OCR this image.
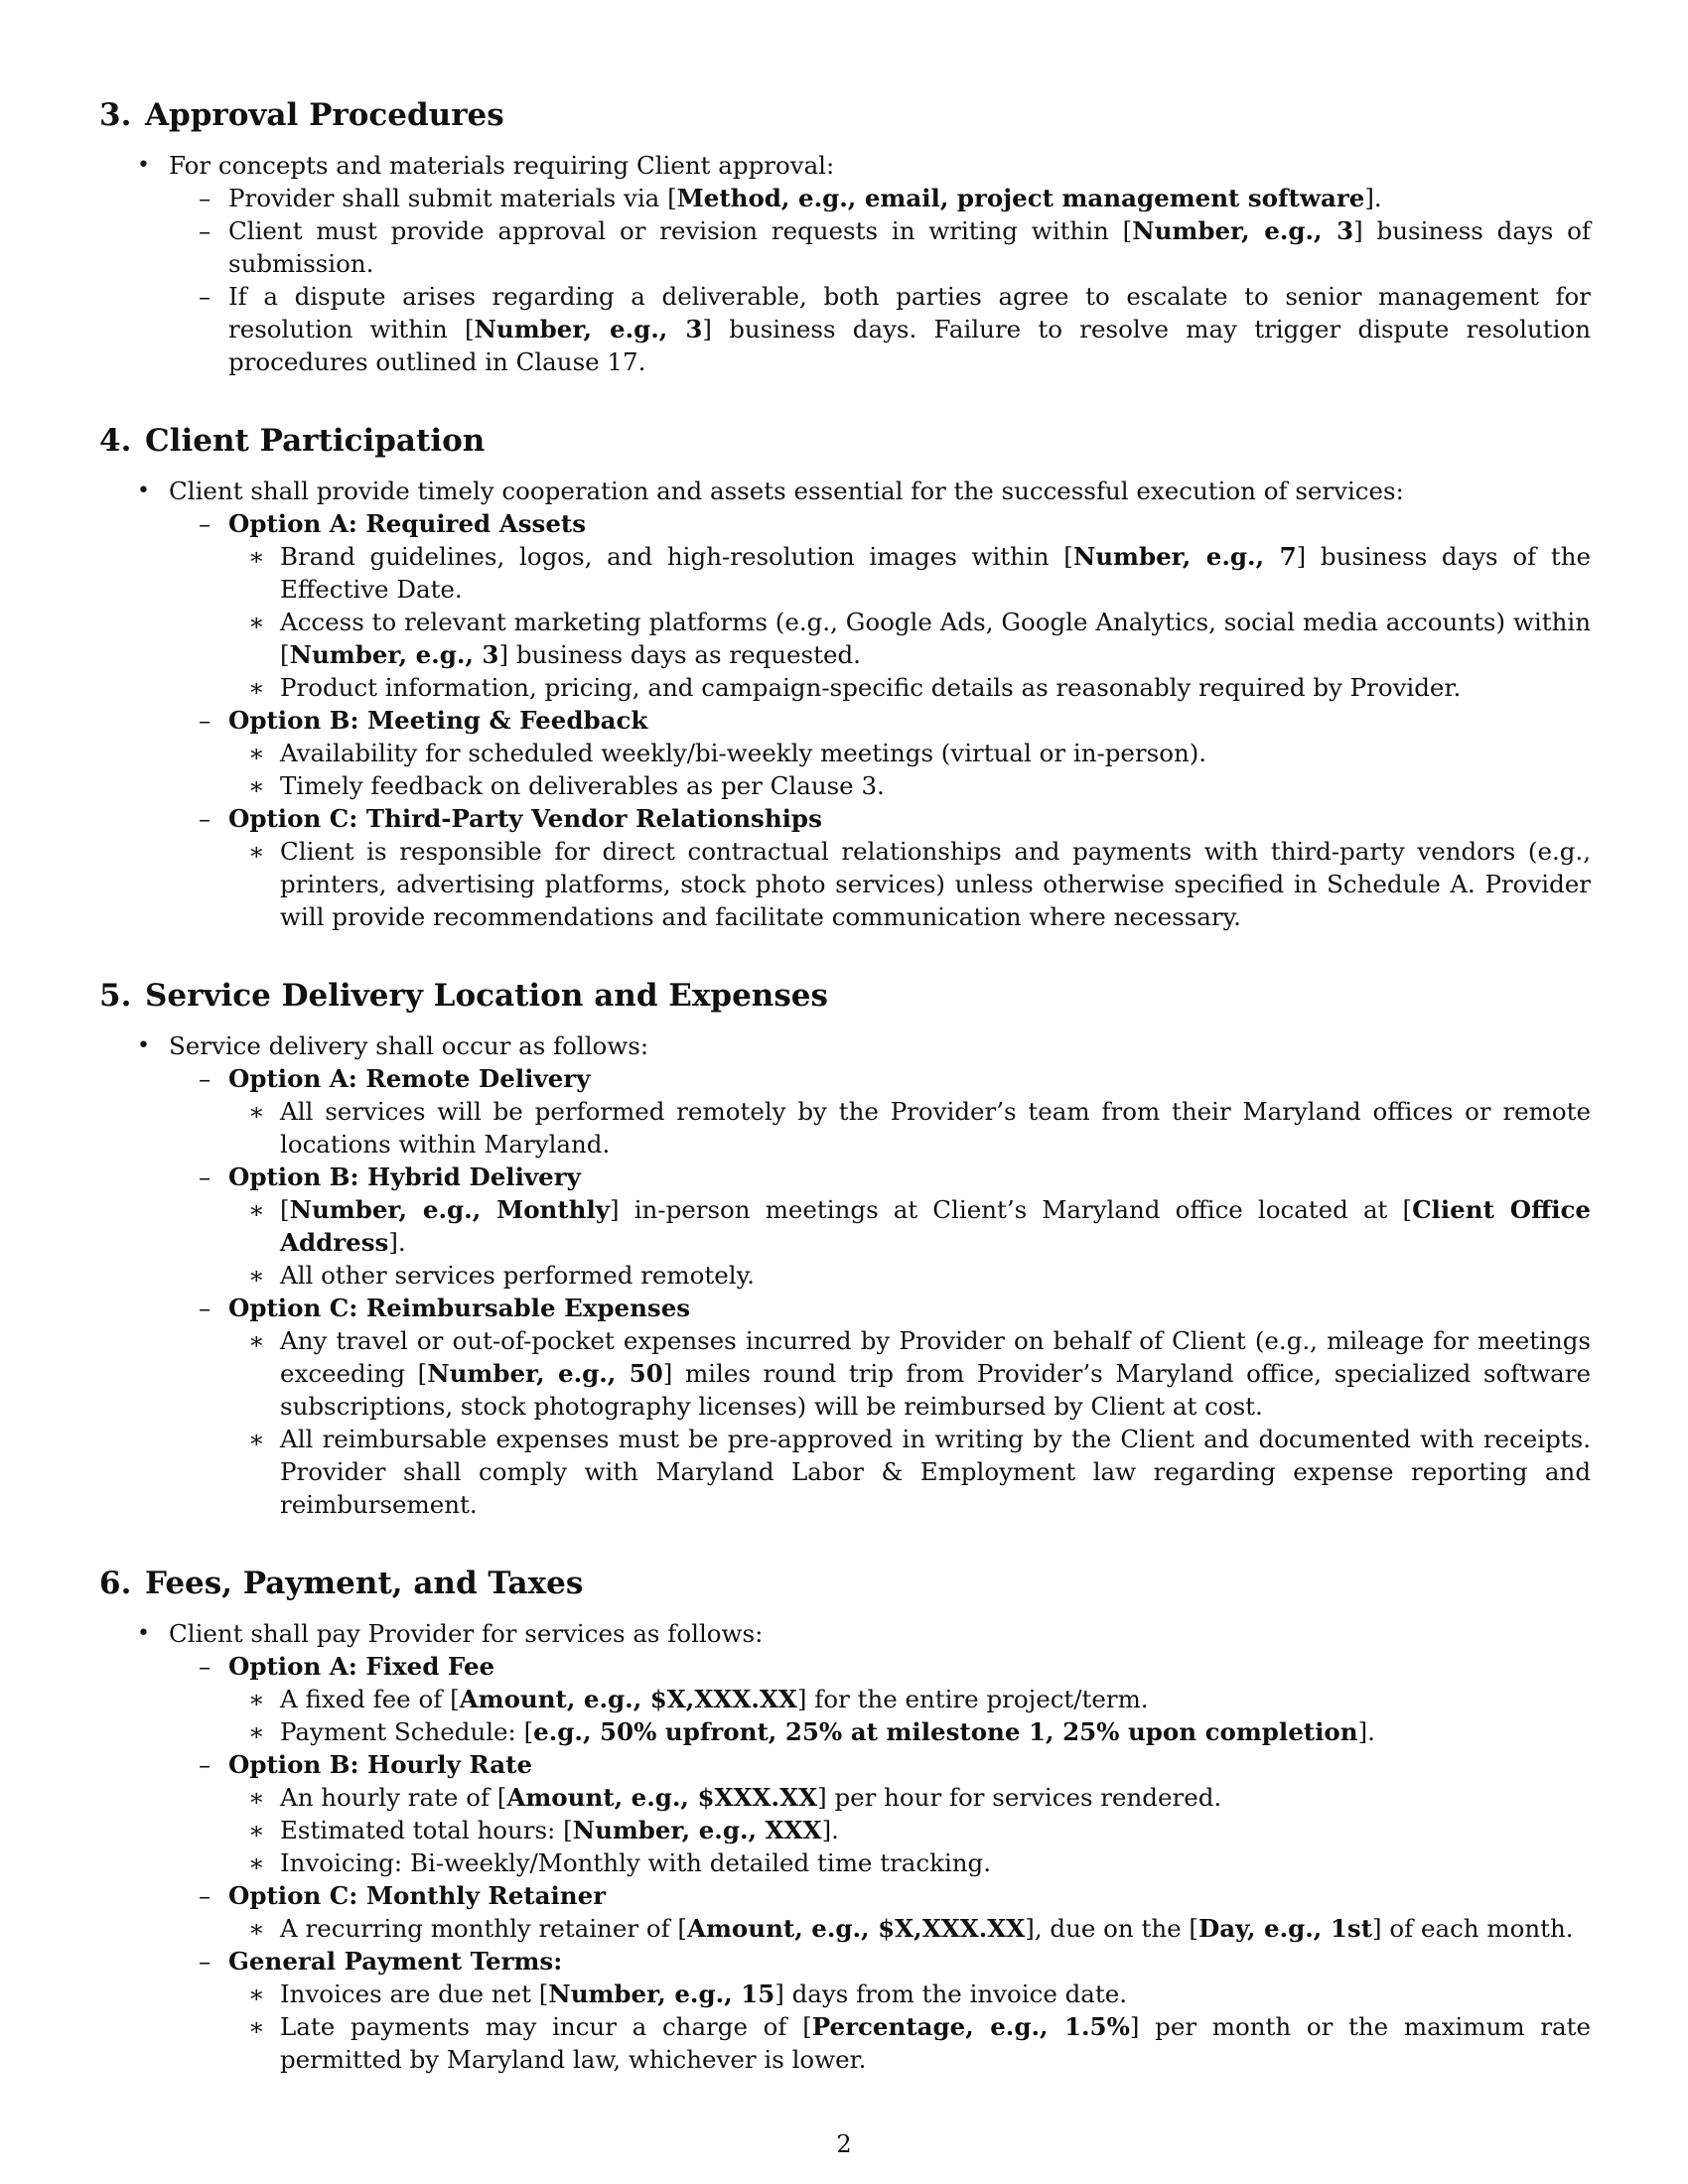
3. Approval Procedures
• For concepts and materials requiring Client approval:
– Provider shall submit materials via [Method, e.g., email, project management software].
– Client must provide approval or revision requests in writing within [Number, e.g., 3] business days of submission.
– If a dispute arises regarding a deliverable, both parties agree to escalate to senior management for resolution within [Number, e.g., 3] business days. Failure to resolve may trigger dispute resolution procedures outlined in Clause 17.
4. Client Participation
• Client shall provide timely cooperation and assets essential for the successful execution of services:
– Option A: Required Assets
∗ Brand guidelines, logos, and high-resolution images within [Number, e.g., 7] business days of the Effective Date.
∗ Access to relevant marketing platforms (e.g., Google Ads, Google Analytics, social media accounts) within [Number, e.g., 3] business days as requested.
∗ Product information, pricing, and campaign-specific details as reasonably required by Provider.
– Option B: Meeting & Feedback
∗ Availability for scheduled weekly/bi-weekly meetings (virtual or in-person).
∗ Timely feedback on deliverables as per Clause 3.
– Option C: Third-Party Vendor Relationships
∗ Client is responsible for direct contractual relationships and payments with third-party vendors (e.g., printers, advertising platforms, stock photo services) unless otherwise specified in Schedule A. Provider will provide recommendations and facilitate communication where necessary.
5. Service Delivery Location and Expenses
• Service delivery shall occur as follows:
– Option A: Remote Delivery
∗ All services will be performed remotely by the Provider’s team from their Maryland offices or remote locations within Maryland.
– Option B: Hybrid Delivery
∗ [Number, e.g., Monthly] in-person meetings at Client’s Maryland office located at [Client Office Address].
∗ All other services performed remotely.
– Option C: Reimbursable Expenses
∗ Any travel or out-of-pocket expenses incurred by Provider on behalf of Client (e.g., mileage for meetings exceeding [Number, e.g., 50] miles round trip from Provider’s Maryland office, specialized software subscriptions, stock photography licenses) will be reimbursed by Client at cost.
∗ All reimbursable expenses must be pre-approved in writing by the Client and documented with receipts. Provider shall comply with Maryland Labor & Employment law regarding expense reporting and reimbursement.
6. Fees, Payment, and Taxes
• Client shall pay Provider for services as follows:
– Option A: Fixed Fee
∗ A fixed fee of [Amount, e.g., $X,XXX.XX] for the entire project/term.
∗ Payment Schedule: [e.g., 50% upfront, 25% at milestone 1, 25% upon completion].
– Option B: Hourly Rate
∗ An hourly rate of [Amount, e.g., $XXX.XX] per hour for services rendered.
∗ Estimated total hours: [Number, e.g., XXX].
∗ Invoicing: Bi-weekly/Monthly with detailed time tracking.
– Option C: Monthly Retainer
∗ A recurring monthly retainer of [Amount, e.g., $X,XXX.XX], due on the [Day, e.g., 1st] of each month.
– General Payment Terms:
∗ Invoices are due net [Number, e.g., 15] days from the invoice date.
∗ Late payments may incur a charge of [Percentage, e.g., 1.5%] per month or the maximum rate permitted by Maryland law, whichever is lower.
2
